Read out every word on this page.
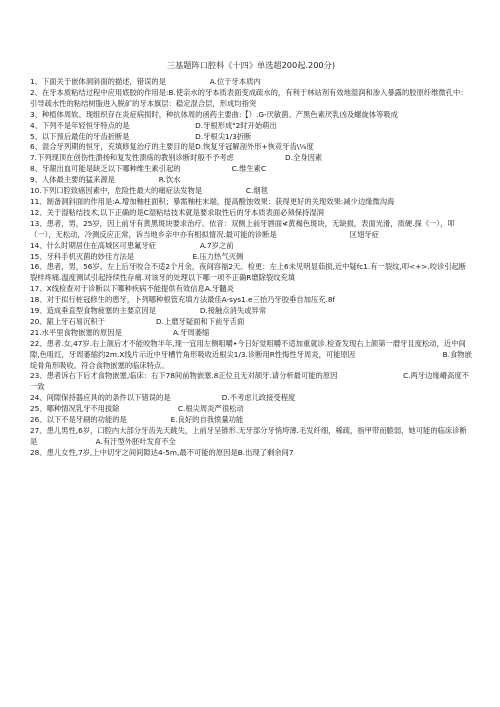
三基题阵口腔科《十四》单选超200起.200分)

1、下面关于嵌体洞斜面的描述，错误的是　　　　　　A.位于牙本质内

2、在牙本质粘结过程中应用底胶的作用是:B.使亲水的牙本质表面变成疏水的，有利于林站剂有效地湿润和渗入暴露的胶原纤维微孔中：引导疏水性的粘结树脂进入脱矿的牙本旗层：稳定混合层，形成均指突

3、种植体周软、现组织存在炎症病损时，种抗体周的函药主要曲:【）.G-厌敏菌、产黑色素厌乳凶及螺旋体等吸成

4、下列不是年轻恒牙特点的是　　　　　　　　　D.牙根形成"2时开始萌出

5、以下预后最佳的牙齿折断是　　　　　　　　　D.牙根尖1/3折断

6、混合牙列期的恒牙，充填修复治疗的主要目的是D.恢复牙冠解剖外形+恢竞牙齿\⅛度

7.下列现顶在创伤性溃扬和复发性溃疡的教别诊断时般不予考虑　　　　　　　D.全身因素

8、牙龈出血可能是缺乏以下哪种维生素引起的　　　　　　　C.维生素C

9、人体最主要的猛来源是　　　　　　R.饮水

10.下列口腔致癌因素中，危险性最大的痛症法发物是　　　　　　C.烟毯

11、制备洞斜面的作用是:A.增加釉柱面积；暴需釉柱末端，提高酸蚀效果：获得更好的关现效果:减少边缘微沟海

12、关于湿粘结技术,以下正确的是C湿粘结技术就是要求取性后的牙本质表面必须保持湿润

13、患者，男，25岁，因上前牙有黄黑斑块要求治疗。依音：双侧上前牙唇面≮黄褐色斑块，无缺损，表面光滑，质硬.探《一），叩（一），无松动，冷测反应正常，诉当地乡亲中亦有相拟情况.最可能的诊断是　　　　　　　　　　区翅牙症

14、什么时期居住在高城区可患氟牙症　　　　　　A.7岁之前

15、牙科手机灭菌的妙佳方法是　　　　　　　　E.压力热气灭侧

16、患者，男，56岁。左上后牙咬合不适2个月余，夜间容福2天。检更：左上6未见明显茹损,近中疑fc1.有一裂纹,叩<+>.咬诊引起断裂样疼痛.温度测试引起持续性存痛.对该牙的处理以下哪一项不正确R磨除裂纹充填

17、X线检查对于诊断以下哪种疾病不能提供有效信息A.牙髓炎

18、对于拟行桩冠修生的患牙，卜列哪种根管充填方法最佳A-sys1.e三抬乃牙胶垂自加压充.8f

19、造成垂直型食物疲塞的主要京因是　　　　　　D.接触点消失或异常

20、龈上牙石易沉积于　　　　　　　D.上磨牙疑面和下前牙舌面

21.水平里食物嵌塞的原因是　　　　　　　A.牙周萎缩

22、患者.女,47岁.右上颌后才不能咬物半年,现一宜用左侧咀嚼•今日好觉咀嚼不适加重就诊.检查发现右上颌第一磨牙且度松动，近中间隙,色咀红，牙周萎缩约2m.X线片示近中牙槽竹角形吸收近根尖1/3.诊断用R性悔性牙周炎，可能原因　　　　　　　　　　　　B.食物嵌绽骨角形吸收。符合食物嵌塞的临床特点。

23、患者诉右下后才食物嵌塞,临床：右下78间前物嵌塞.8正位且无对颉牙.请分析最可能的原因　　　　　　　　　C.两牙边缘嵴高度不一致

24、间隙保持器应具的的条件以下错误的是　　　　　　　D.不考虑儿政接受程度

25、哪种情况乳牙不用拔除　　　　　　　　C.根尖周炎严很松动

26、以下不是牙刷的功能的是　　　　　　E.良好的自我愤量功能

27、患儿男性,6岁，口腔内大部分牙齿先天跳失，上前牙呈锥形.无牙部分牙悄垮薄.毛发纤细，稀疏，指甲带而脆弱，她可能的临床诊断是　　　　　　　　A.有汗型外胚叶发育不全

28、患儿女性,7岁,上中切牙之间间隙达4-5m,最不可能的原因是B.出现了剩余间7
